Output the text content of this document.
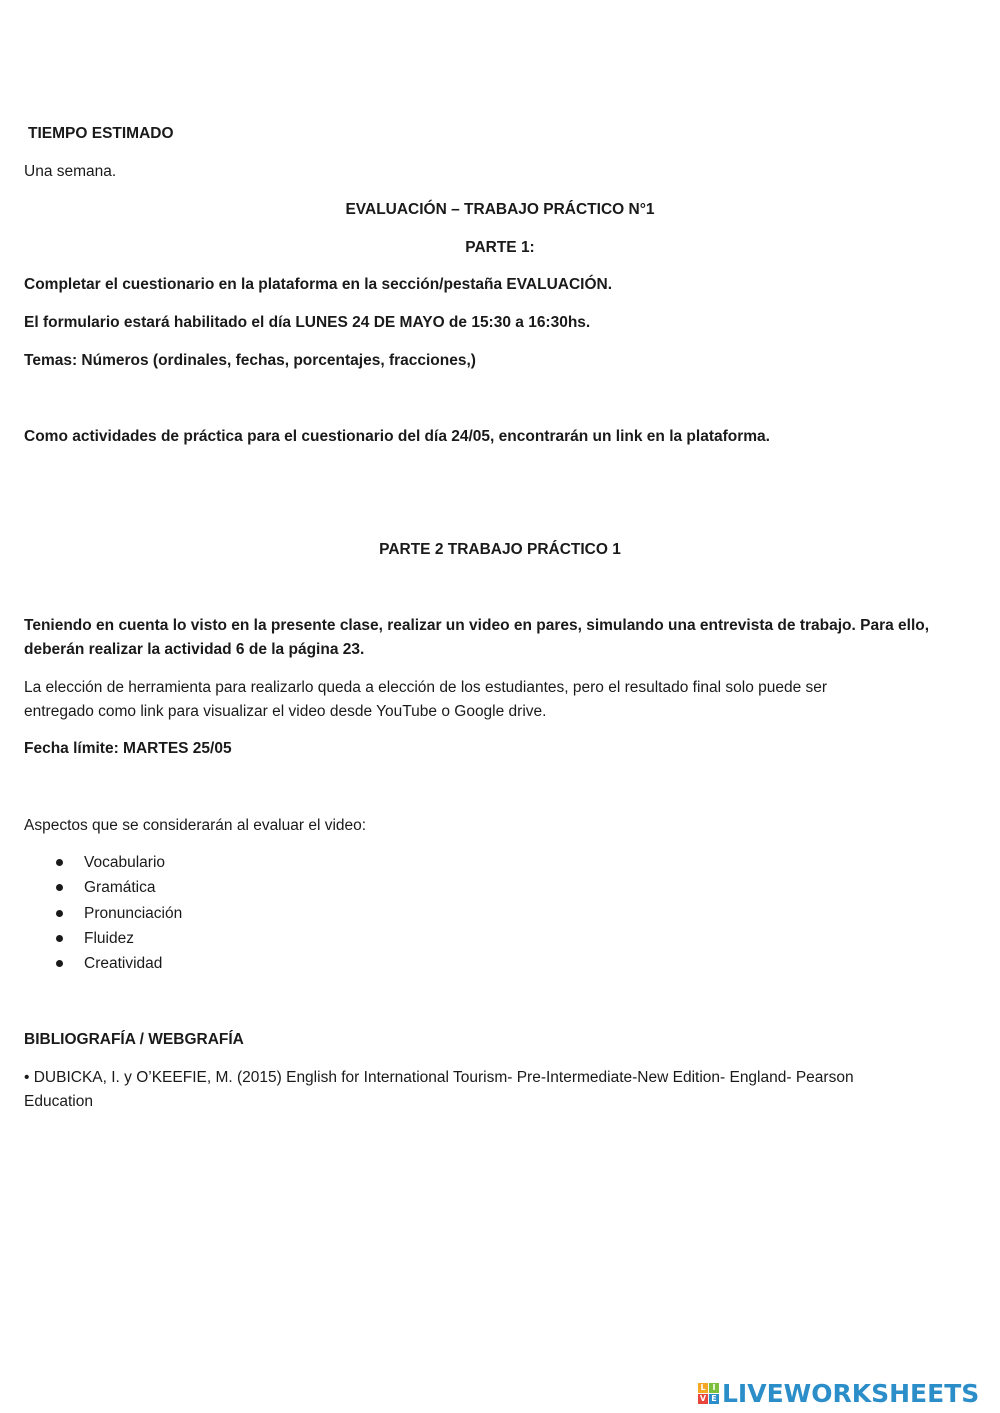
TIEMPO ESTIMADO

Una semana.

EVALUACIÓN – TRABAJO PRÁCTICO N°1

PARTE 1:

Completar el cuestionario en la plataforma en la sección/pestaña EVALUACIÓN.

El formulario estará habilitado el día LUNES 24 DE MAYO de 15:30 a 16:30hs.

Temas: Números (ordinales, fechas, porcentajes, fracciones,)

Como actividades de práctica para el cuestionario del día 24/05, encontrarán un link en la plataforma.

PARTE 2 TRABAJO PRÁCTICO 1

Teniendo en cuenta lo visto en la presente clase, realizar un video en pares, simulando una entrevista de trabajo. Para ello,

deberán realizar la actividad 6 de la página 23.

La elección de herramienta para realizarlo queda a elección de los estudiantes, pero el resultado final solo puede ser

entregado como link para visualizar el video desde YouTube o Google drive.

Fecha límite: MARTES 25/05

Aspectos que se considerarán al evaluar el video:

Vocabulario
Gramática
Pronunciación
Fluidez
Creatividad

BIBLIOGRAFÍA / WEBGRAFÍA

• DUBICKA, I. y O’KEEFIE, M. (2015) English for International Tourism- Pre-Intermediate-New Edition- England- Pearson

Education

L I
V E LIVEWORKSHEETS
